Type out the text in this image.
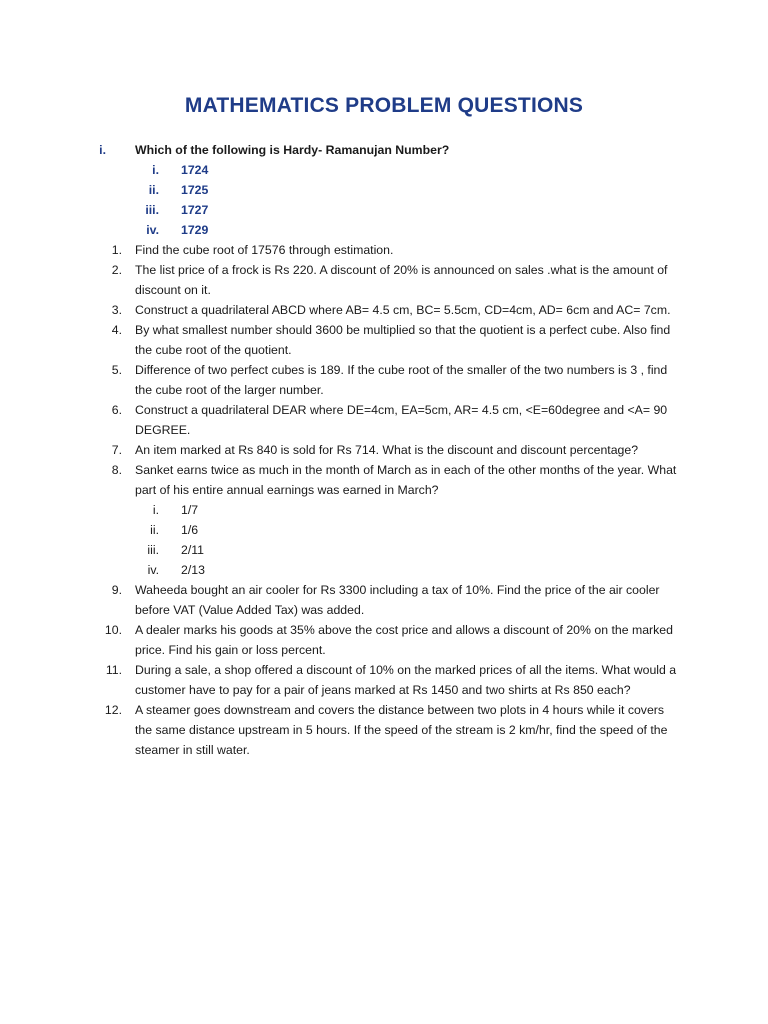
MATHEMATICS PROBLEM QUESTIONS
i. Which of the following is Hardy- Ramanujan Number?
i. 1724
ii. 1725
iii. 1727
iv. 1729
1. Find the cube root of 17576 through estimation.
2. The list price of a frock is Rs 220. A discount of 20% is announced on sales .what is the amount of discount on it.
3. Construct a quadrilateral ABCD where AB= 4.5 cm, BC= 5.5cm, CD=4cm, AD= 6cm and AC= 7cm.
4. By what smallest number should 3600 be multiplied so that the quotient is a perfect cube. Also find the cube root of the quotient.
5. Difference of two perfect cubes is 189. If the cube root of the smaller of the two numbers is 3 , find the cube root of the larger number.
6. Construct a quadrilateral DEAR where DE=4cm, EA=5cm, AR= 4.5 cm, <E=60degree and <A= 90 DEGREE.
7. An item marked at Rs 840 is sold for Rs 714. What is the discount and discount percentage?
8. Sanket earns twice as much in the month of March as in each of the other months of the year. What part of his entire annual earnings was earned in March?
i. 1/7
ii. 1/6
iii. 2/11
iv. 2/13
9. Waheeda bought an air cooler for Rs 3300 including a tax of 10%. Find the price of the air cooler before VAT (Value Added Tax) was added.
10. A dealer marks his goods at 35% above the cost price and allows a discount of 20% on the marked price. Find his gain or loss percent.
11. During a sale, a shop offered a discount of 10% on the marked prices of all the items. What would a customer have to pay for a pair of jeans marked at Rs 1450 and two shirts at Rs 850 each?
12. A steamer goes downstream and covers the distance between two plots in 4 hours while it covers the same distance upstream in 5 hours. If the speed of the stream is 2 km/hr, find the speed of the steamer in still water.
